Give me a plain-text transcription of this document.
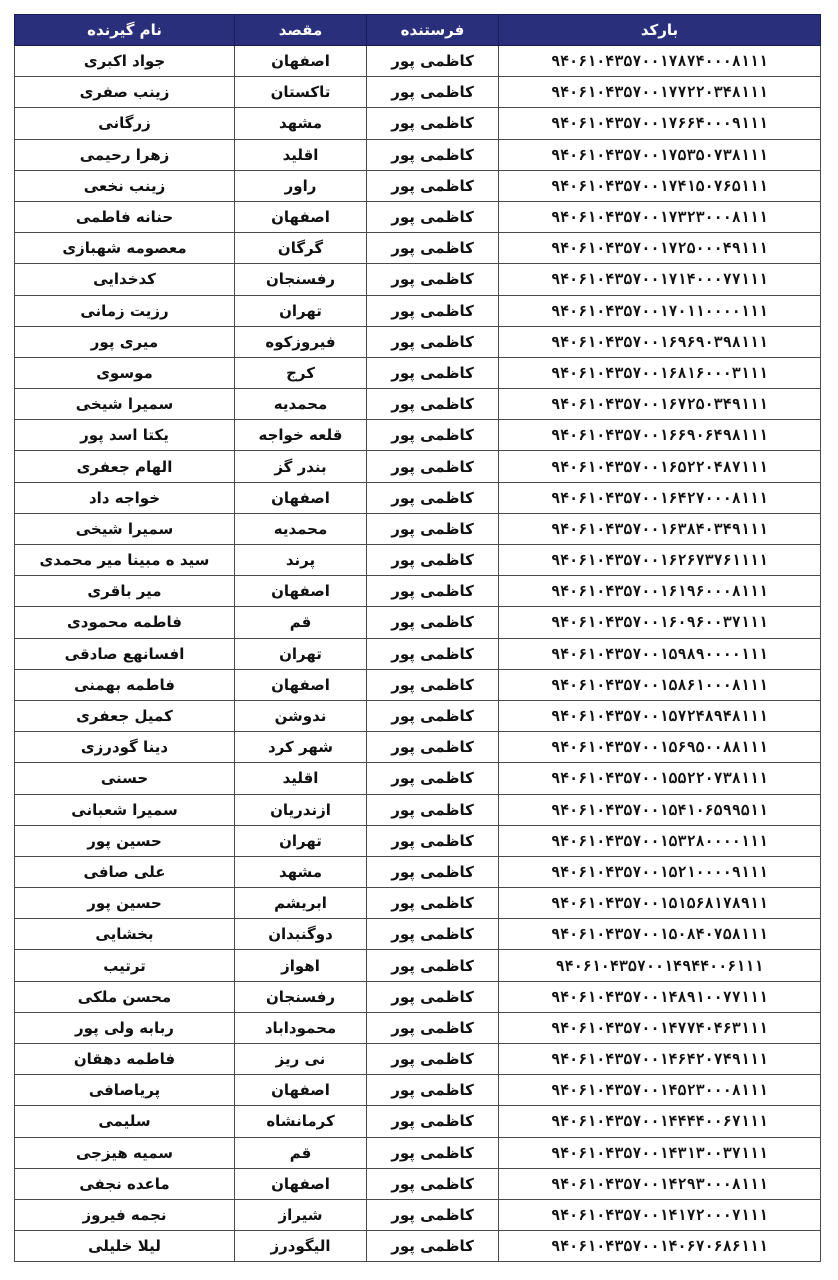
بارکد	فرستنده	مقصد	نام گیرنده
۹۴۰۶۱۰۴۳۵۷۰۰۱۷۸۷۴۰۰۰۸۱۱۱	کاظمی پور	اصفهان	جواد اکبری
۹۴۰۶۱۰۴۳۵۷۰۰۱۷۷۲۲۰۳۴۸۱۱۱	کاظمی پور	تاکستان	زینب صفری
۹۴۰۶۱۰۴۳۵۷۰۰۱۷۶۶۴۰۰۰۹۱۱۱	کاظمی پور	مشهد	زرگانی
۹۴۰۶۱۰۴۳۵۷۰۰۱۷۵۳۵۰۷۳۸۱۱۱	کاظمی پور	اقلید	زهرا رحیمی
۹۴۰۶۱۰۴۳۵۷۰۰۱۷۴۱۵۰۷۶۵۱۱۱	کاظمی پور	راور	زینب نخعی
۹۴۰۶۱۰۴۳۵۷۰۰۱۷۳۲۳۰۰۰۸۱۱۱	کاظمی پور	اصفهان	حنانه فاطمی
۹۴۰۶۱۰۴۳۵۷۰۰۱۷۲۵۰۰۰۴۹۱۱۱	کاظمی پور	گرگان	معصومه شهبازی
۹۴۰۶۱۰۴۳۵۷۰۰۱۷۱۴۰۰۰۷۷۱۱۱	کاظمی پور	رفسنجان	کدخدایی
۹۴۰۶۱۰۴۳۵۷۰۰۱۷۰۱۱۰۰۰۰۱۱۱	کاظمی پور	تهران	رزیت زمانی
۹۴۰۶۱۰۴۳۵۷۰۰۱۶۹۶۹۰۳۹۸۱۱۱	کاظمی پور	فیروزکوه	میری پور
۹۴۰۶۱۰۴۳۵۷۰۰۱۶۸۱۶۰۰۰۳۱۱۱	کاظمی پور	کرج	موسوی
۹۴۰۶۱۰۴۳۵۷۰۰۱۶۷۲۵۰۳۴۹۱۱۱	کاظمی پور	محمدیه	سمیرا شیخی
۹۴۰۶۱۰۴۳۵۷۰۰۱۶۶۹۰۶۴۹۸۱۱۱	کاظمی پور	قلعه خواجه	یکتا اسد پور
۹۴۰۶۱۰۴۳۵۷۰۰۱۶۵۲۲۰۴۸۷۱۱۱	کاظمی پور	بندر گز	الهام جعفری
۹۴۰۶۱۰۴۳۵۷۰۰۱۶۴۲۷۰۰۰۸۱۱۱	کاظمی پور	اصفهان	خواجه داد
۹۴۰۶۱۰۴۳۵۷۰۰۱۶۳۸۴۰۳۴۹۱۱۱	کاظمی پور	محمدیه	سمیرا شیخی
۹۴۰۶۱۰۴۳۵۷۰۰۱۶۲۶۷۳۷۶۱۱۱۱	کاظمی پور	پرند	سید ه مبینا میر محمدی
۹۴۰۶۱۰۴۳۵۷۰۰۱۶۱۹۶۰۰۰۸۱۱۱	کاظمی پور	اصفهان	میر باقری
۹۴۰۶۱۰۴۳۵۷۰۰۱۶۰۹۶۰۰۳۷۱۱۱	کاظمی پور	قم	فاطمه محمودی
۹۴۰۶۱۰۴۳۵۷۰۰۱۵۹۸۹۰۰۰۰۱۱۱	کاظمی پور	تهران	افسانهع صادقی
۹۴۰۶۱۰۴۳۵۷۰۰۱۵۸۶۱۰۰۰۸۱۱۱	کاظمی پور	اصفهان	فاطمه بهمنی
۹۴۰۶۱۰۴۳۵۷۰۰۱۵۷۲۴۸۹۴۸۱۱۱	کاظمی پور	ندوشن	کمیل جعفری
۹۴۰۶۱۰۴۳۵۷۰۰۱۵۶۹۵۰۰۸۸۱۱۱	کاظمی پور	شهر کرد	دینا گودرزی
۹۴۰۶۱۰۴۳۵۷۰۰۱۵۵۲۲۰۷۳۸۱۱۱	کاظمی پور	اقلید	حسنی
۹۴۰۶۱۰۴۳۵۷۰۰۱۵۴۱۰۶۵۹۹۵۱۱	کاظمی پور	ازندریان	سمیرا شعبانی
۹۴۰۶۱۰۴۳۵۷۰۰۱۵۳۲۸۰۰۰۰۱۱۱	کاظمی پور	تهران	حسین پور
۹۴۰۶۱۰۴۳۵۷۰۰۱۵۲۱۰۰۰۰۹۱۱۱	کاظمی پور	مشهد	علی صافی
۹۴۰۶۱۰۴۳۵۷۰۰۱۵۱۵۶۸۱۷۸۹۱۱	کاظمی پور	ابریشم	حسین پور
۹۴۰۶۱۰۴۳۵۷۰۰۱۵۰۸۴۰۷۵۸۱۱۱	کاظمی پور	دوگنبدان	بخشایی
۹۴۰۶۱۰۴۳۵۷۰۰۱۴۹۴۴۰۰۶۱۱۱	کاظمی پور	اهواز	ترتیب
۹۴۰۶۱۰۴۳۵۷۰۰۱۴۸۹۱۰۰۷۷۱۱۱	کاظمی پور	رفسنجان	محسن ملکی
۹۴۰۶۱۰۴۳۵۷۰۰۱۴۷۷۴۰۴۶۳۱۱۱	کاظمی پور	محموداباد	ربابه ولی پور
۹۴۰۶۱۰۴۳۵۷۰۰۱۴۶۴۲۰۷۴۹۱۱۱	کاظمی پور	نی ریز	فاطمه دهقان
۹۴۰۶۱۰۴۳۵۷۰۰۱۴۵۲۳۰۰۰۸۱۱۱	کاظمی پور	اصفهان	پریاصافی
۹۴۰۶۱۰۴۳۵۷۰۰۱۴۴۴۴۰۰۶۷۱۱۱	کاظمی پور	کرمانشاه	سلیمی
۹۴۰۶۱۰۴۳۵۷۰۰۱۴۳۱۳۰۰۳۷۱۱۱	کاظمی پور	قم	سمیه هیزجی
۹۴۰۶۱۰۴۳۵۷۰۰۱۴۲۹۳۰۰۰۸۱۱۱	کاظمی پور	اصفهان	ماعده نجفی
۹۴۰۶۱۰۴۳۵۷۰۰۱۴۱۷۲۰۰۰۷۱۱۱	کاظمی پور	شیراز	نجمه فیروز
۹۴۰۶۱۰۴۳۵۷۰۰۱۴۰۶۷۰۶۸۶۱۱۱	کاظمی پور	الیگودرز	لیلا خلیلی
